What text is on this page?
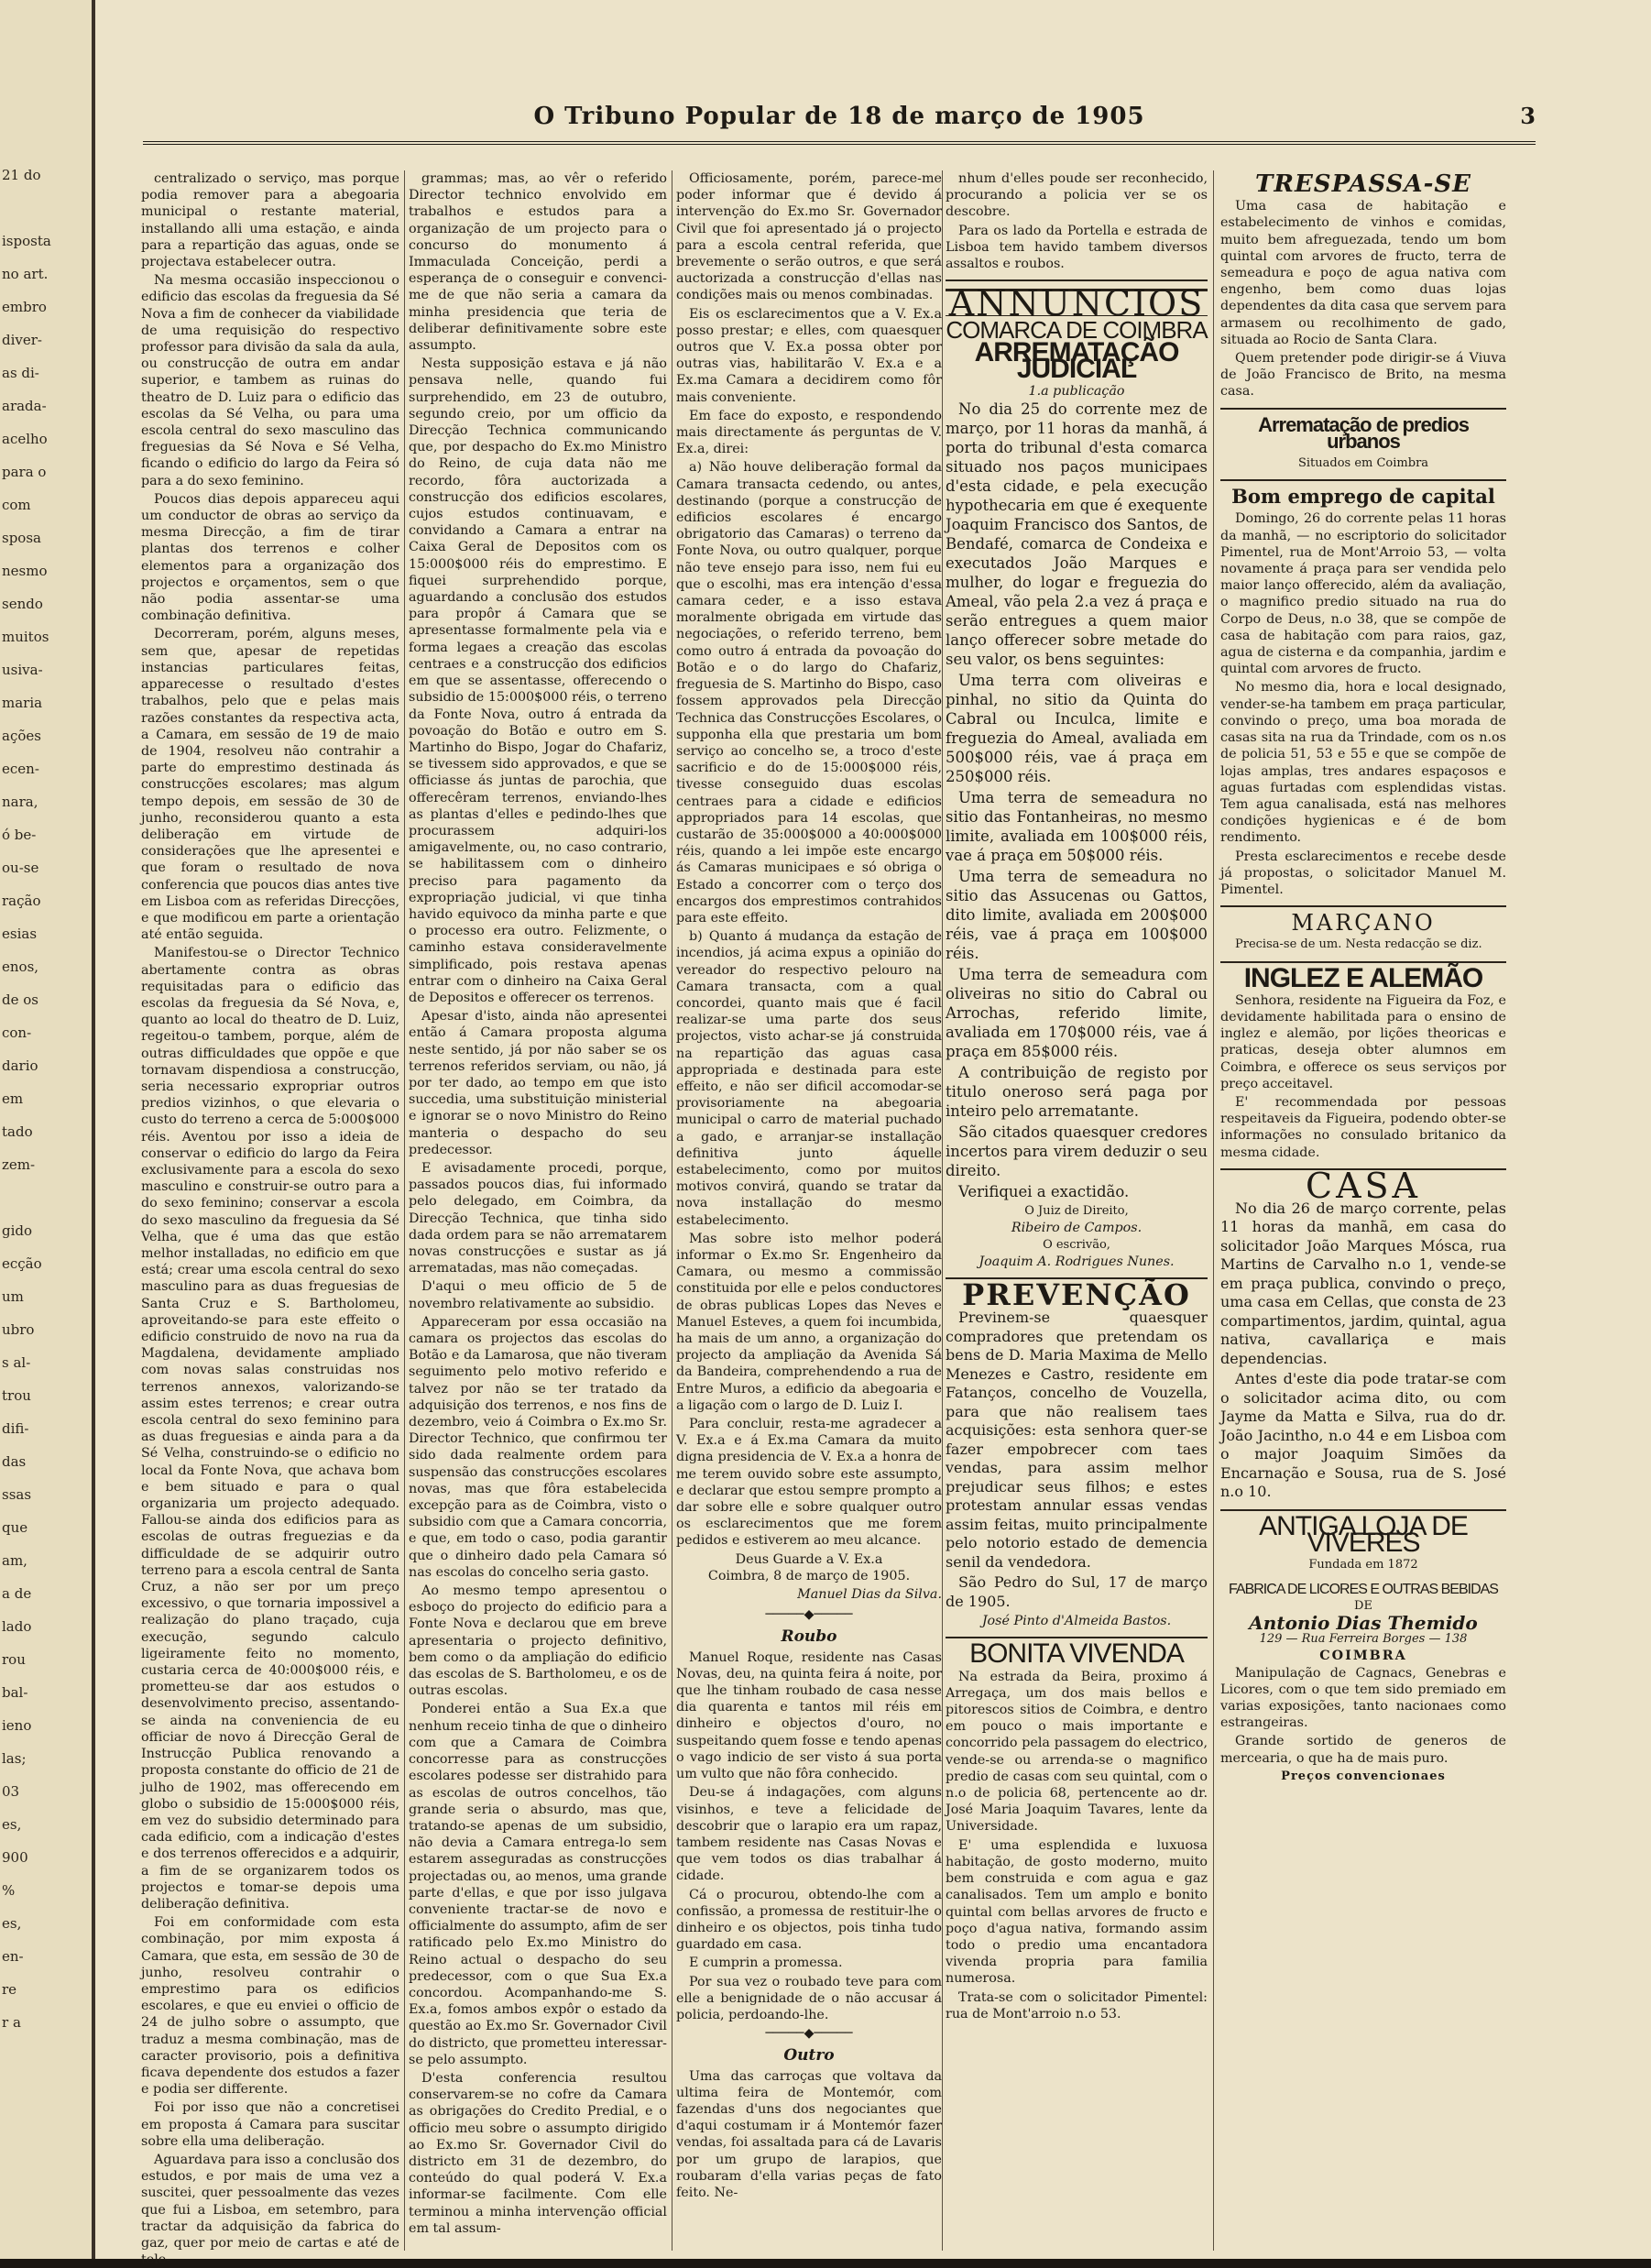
21 do
isposta
no art.
embro
diver-
as di-
arada-
acelho
para o
com
sposa
nesmo
sendo
muitos
usiva-
maria
ações
ecen-
nara,
ó be-
ou-se
ração
esias
enos,
de os
con-
dario
em
tado
zem-
gido
ecção
um
ubro
s al-
trou
difi-
das
ssas
que
am,
a de
lado
rou
bal-
ieno
las;
03
es,
900
%
es,
en-
re
r a
O Tribuno Popular de 18 de março de 1905	3

centralizado o serviço, mas porque podia remover para a abegoaria municipal o restante material, installando alli uma estação, e ainda para a repartição das aguas, onde se projectava estabelecer outra.

Na mesma occasião inspeccionou o edificio das escolas da freguesia da Sé Nova a fim de conhecer da viabilidade de uma requisição do respectivo professor para divisão da sala da aula, ou construcção de outra em andar superior, e tambem as ruinas do theatro de D. Luiz para o edificio das escolas da Sé Velha, ou para uma escola central do sexo masculino das freguesias da Sé Nova e Sé Velha, ficando o edificio do largo da Feira só para a do sexo feminino.

Poucos dias depois appareceu aqui um conductor de obras ao serviço da mesma Direcção, a fim de tirar plantas dos terrenos e colher elementos para a organização dos projectos e orçamentos, sem o que não podia assentar-se uma combinação definitiva.

Decorreram, porém, alguns meses, sem que, apesar de repetidas instancias particulares feitas, apparecesse o resultado d'estes trabalhos, pelo que e pelas mais razões constantes da respectiva acta, a Camara, em sessão de 19 de maio de 1904, resolveu não contrahir a parte do emprestimo destinada ás construcções escolares; mas algum tempo depois, em sessão de 30 de junho, reconsiderou quanto a esta deliberação em virtude de considerações que lhe apresentei e que foram o resultado de nova conferencia que poucos dias antes tive em Lisboa com as referidas Direcções, e que modificou em parte a orientação até então seguida.

Manifestou-se o Director Technico abertamente contra as obras requisitadas para o edificio das escolas da freguesia da Sé Nova, e, quanto ao local do theatro de D. Luiz, regeitou-o tambem, porque, além de outras difficuldades que oppõe e que tornavam dispendiosa a construcção, seria necessario expropriar outros predios vizinhos, o que elevaria o custo do terreno a cerca de 5:000$000 réis. Aventou por isso a ideia de conservar o edificio do largo da Feira exclusivamente para a escola do sexo masculino e construir-se outro para a do sexo feminino; conservar a escola do sexo masculino da freguesia da Sé Velha, que é uma das que estão melhor installadas, no edificio em que está; crear uma escola central do sexo masculino para as duas freguesias de Santa Cruz e S. Bartholomeu, aproveitando-se para este effeito o edificio construido de novo na rua da Magdalena, devidamente ampliado com novas salas construidas nos terrenos annexos, valorizando-se assim estes terrenos; e crear outra escola central do sexo feminino para as duas freguesias e ainda para a da Sé Velha, construindo-se o edificio no local da Fonte Nova, que achava bom e bem situado e para o qual organizaria um projecto adequado. Fallou-se ainda dos edificios para as escolas de outras freguezias e da difficuldade de se adquirir outro terreno para a escola central de Santa Cruz, a não ser por um preço excessivo, o que tornaria impossivel a realização do plano traçado, cuja execução, segundo calculo ligeiramente feito no momento, custaria cerca de 40:000$000 réis, e prometteu-se dar aos estudos o desenvolvimento preciso, assentando-se ainda na conveniencia de eu officiar de novo á Direcção Geral de Instrucção Publica renovando a proposta constante do officio de 21 de julho de 1902, mas offerecendo em globo o subsidio de 15:000$000 réis, em vez do subsidio determinado para cada edificio, com a indicação d'estes e dos terrenos offerecidos e a adquirir, a fim de se organizarem todos os projectos e tomar-se depois uma deliberação definitiva.

Foi em conformidade com esta combinação, por mim exposta á Camara, que esta, em sessão de 30 de junho, resolveu contrahir o emprestimo para os edificios escolares, e que eu enviei o officio de 24 de julho sobre o assumpto, que traduz a mesma combinação, mas de caracter provisorio, pois a definitiva ficava dependente dos estudos a fazer e podia ser differente.

Foi por isso que não a concretisei em proposta á Camara para suscitar sobre ella uma deliberação.

Aguardava para isso a conclusão dos estudos, e por mais de uma vez a suscitei, quer pessoalmente das vezes que fui a Lisboa, em setembro, para tractar da adquisição da fabrica do gaz, quer por meio de cartas e até de tele-

grammas; mas, ao vêr o referido Director technico envolvido em trabalhos e estudos para a organização de um projecto para o concurso do monumento á Immaculada Conceição, perdi a esperança de o conseguir e convenci-me de que não seria a camara da minha presidencia que teria de deliberar definitivamente sobre este assumpto.

Nesta supposição estava e já não pensava nelle, quando fui surprehendido, em 23 de outubro, segundo creio, por um officio da Direcção Technica communicando que, por despacho do Ex.mo Ministro do Reino, de cuja data não me recordo, fôra auctorizada a construcção dos edificios escolares, cujos estudos continuavam, e convidando a Camara a entrar na Caixa Geral de Depositos com os 15:000$000 réis do emprestimo. E fiquei surprehendido porque, aguardando a conclusão dos estudos para propôr á Camara que se apresentasse formalmente pela via e forma legaes a creação das escolas centraes e a construcção dos edificios em que se assentasse, offerecendo o subsidio de 15:000$000 réis, o terreno da Fonte Nova, outro á entrada da povoação do Botão e outro em S. Martinho do Bispo, Jogar do Chafariz, se tivessem sido approvados, e que se officiasse ás juntas de parochia, que offerecêram terrenos, enviando-lhes as plantas d'elles e pedindo-lhes que procurassem adquiri-los amigavelmente, ou, no caso contrario, se habilitassem com o dinheiro preciso para pagamento da expropriação judicial, vi que tinha havido equivoco da minha parte e que o processo era outro. Felizmente, o caminho estava consideravelmente simplificado, pois restava apenas entrar com o dinheiro na Caixa Geral de Depositos e offerecer os terrenos.

Apesar d'isto, ainda não apresentei então á Camara proposta alguma neste sentido, já por não saber se os terrenos referidos serviam, ou não, já por ter dado, ao tempo em que isto succedia, uma substituição ministerial e ignorar se o novo Ministro do Reino manteria o despacho do seu predecessor.

E avisadamente procedi, porque, passados poucos dias, fui informado pelo delegado, em Coimbra, da Direcção Technica, que tinha sido dada ordem para se não arrematarem novas construcções e sustar as já arrematadas, mas não começadas.

D'aqui o meu officio de 5 de novembro relativamente ao subsidio.

Appareceram por essa occasião na camara os projectos das escolas do Botão e da Lamarosa, que não tiveram seguimento pelo motivo referido e talvez por não se ter tratado da adquisição dos terrenos, e nos fins de dezembro, veio á Coimbra o Ex.mo Sr. Director Technico, que confirmou ter sido dada realmente ordem para suspensão das construcções escolares novas, mas que fôra estabelecida excepção para as de Coimbra, visto o subsidio com que a Camara concorria, e que, em todo o caso, podia garantir que o dinheiro dado pela Camara só nas escolas do concelho seria gasto.

Ao mesmo tempo apresentou o esboço do projecto do edificio para a Fonte Nova e declarou que em breve apresentaria o projecto definitivo, bem como o da ampliação do edificio das escolas de S. Bartholomeu, e os de outras escolas.

Ponderei então a Sua Ex.a que nenhum receio tinha de que o dinheiro com que a Camara de Coimbra concorresse para as construcções escolares podesse ser distrahido para as escolas de outros concelhos, tão grande seria o absurdo, mas que, tratando-se apenas de um subsidio, não devia a Camara entrega-lo sem estarem asseguradas as construcções projectadas ou, ao menos, uma grande parte d'ellas, e que por isso julgava conveniente tractar-se de novo e officialmente do assumpto, afim de ser ratificado pelo Ex.mo Ministro do Reino actual o despacho do seu predecessor, com o que Sua Ex.a concordou. Acompanhando-me S. Ex.a, fomos ambos expôr o estado da questão ao Ex.mo Sr. Governador Civil do districto, que prometteu interessar-se pelo assumpto.

D'esta conferencia resultou conservarem-se no cofre da Camara as obrigações do Credito Predial, e o officio meu sobre o assumpto dirigido ao Ex.mo Sr. Governador Civil do districto em 31 de dezembro, do conteúdo do qual poderá V. Ex.a informar-se facilmente. Com elle terminou a minha intervenção official em tal assum-

Officiosamente, porém, parece-me poder informar que é devido á intervenção do Ex.mo Sr. Governador Civil que foi apresentado já o projecto para a escola central referida, que brevemente o serão outros, e que será auctorizada a construcção d'ellas nas condições mais ou menos combinadas.

Eis os esclarecimentos que a V. Ex.a posso prestar; e elles, com quaesquer outros que V. Ex.a possa obter por outras vias, habilitarão V. Ex.a e a Ex.ma Camara a decidirem como fôr mais conveniente.

Em face do exposto, e respondendo mais directamente ás perguntas de V. Ex.a, direi:

a) Não houve deliberação formal da Camara transacta cedendo, ou antes, destinando (porque a construcção de edificios escolares é encargo obrigatorio das Camaras) o terreno da Fonte Nova, ou outro qualquer, porque não teve ensejo para isso, nem fui eu que o escolhi, mas era intenção d'essa camara ceder, e a isso estava moralmente obrigada em virtude das negociações, o referido terreno, bem como outro á entrada da povoação do Botão e o do largo do Chafariz, freguesia de S. Martinho do Bispo, caso fossem approvados pela Direcção Technica das Construcções Escolares, o supponha ella que prestaria um bom serviço ao concelho se, a troco d'este sacrificio e do de 15:000$000 réis, tivesse conseguido duas escolas centraes para a cidade e edificios appropriados para 14 escolas, que custarão de 35:000$000 a 40:000$000 réis, quando a lei impõe este encargo ás Camaras municipaes e só obriga o Estado a concorrer com o terço dos encargos dos emprestimos contrahidos para este effeito.

b) Quanto á mudança da estação de incendios, já acima expus a opinião do vereador do respectivo pelouro na Camara transacta, com a qual concordei, quanto mais que é facil realizar-se uma parte dos seus projectos, visto achar-se já construida na repartição das aguas casa appropriada e destinada para este effeito, e não ser dificil accomodar-se provisoriamente na abegoaria municipal o carro de material puchado a gado, e arranjar-se installação definitiva junto áquelle estabelecimento, como por muitos motivos convirá, quando se tratar da nova installação do mesmo estabelecimento.

Mas sobre isto melhor poderá informar o Ex.mo Sr. Engenheiro da Camara, ou mesmo a commissão constituida por elle e pelos conductores de obras publicas Lopes das Neves e Manuel Esteves, a quem foi incumbida, ha mais de um anno, a organização do projecto da ampliação da Avenida Sá da Bandeira, comprehendendo a rua de Entre Muros, a edificio da abegoaria e a ligação com o largo de D. Luiz I.

Para concluir, resta-me agradecer a V. Ex.a e á Ex.ma Camara da muito digna presidencia de V. Ex.a a honra de me terem ouvido sobre este assumpto, e declarar que estou sempre prompto a dar sobre elle e sobre qualquer outro os esclarecimentos que me forem pedidos e estiverem ao meu alcance.

Deus Guarde a V. Ex.a
Coimbra, 8 de março de 1905.
Manuel Dias da Silva.
─────◆─────
Roubo

Manuel Roque, residente nas Casas Novas, deu, na quinta feira á noite, por que lhe tinham roubado de casa nesse dia quarenta e tantos mil réis em dinheiro e objectos d'ouro, no suspeitando quem fosse e tendo apenas o vago indicio de ser visto á sua porta um vulto que não fôra conhecido.

Deu-se á indagações, com alguns visinhos, e teve a felicidade de descobrir que o larapio era um rapaz, tambem residente nas Casas Novas e que vem todos os dias trabalhar á cidade.

Cá o procurou, obtendo-lhe com a confissão, a promessa de restituir-lhe o dinheiro e os objectos, pois tinha tudo guardado em casa.

E cumprin a promessa.

Por sua vez o roubado teve para com elle a benignidade de o não accusar á policia, perdoando-lhe.

─────◆─────
Outro

Uma das carroças que voltava da ultima feira de Montemór, com fazendas d'uns dos negociantes que d'aqui costumam ir á Montemór fazer vendas, foi assaltada para cá de Lavaris por um grupo de larapios, que roubaram d'ella varias peças de fato feito. Ne-

nhum d'elles poude ser reconhecido, procurando a policia ver se os descobre.

Para os lado da Portella e estrada de Lisboa tem havido tambem diversos assaltos e roubos.

ANNUNCIOS
COMARCA DE COIMBRA
ARREMATAÇÃO JUDICIAL
1.a publicação

No dia 25 do corrente mez de março, por 11 horas da manhã, á porta do tribunal d'esta comarca situado nos paços municipaes d'esta cidade, e pela execução hypothecaria em que é exequente Joaquim Francisco dos Santos, de Bendafé, comarca de Condeixa e executados João Marques e mulher, do logar e freguezia do Ameal, vão pela 2.a vez á praça e serão entregues a quem maior lanço offerecer sobre metade do seu valor, os bens seguintes:

Uma terra com oliveiras e pinhal, no sitio da Quinta do Cabral ou Inculca, limite e freguezia do Ameal, avaliada em 500$000 réis, vae á praça em 250$000 réis.

Uma terra de semeadura no sitio das Fontanheiras, no mesmo limite, avaliada em 100$000 réis, vae á praça em 50$000 réis.

Uma terra de semeadura no sitio das Assucenas ou Gattos, dito limite, avaliada em 200$000 réis, vae á praça em 100$000 réis.

Uma terra de semeadura com oliveiras no sitio do Cabral ou Arrochas, referido limite, avaliada em 170$000 réis, vae á praça em 85$000 réis.

A contribuição de registo por titulo oneroso será paga por inteiro pelo arrematante.

São citados quaesquer credores incertos para virem deduzir o seu direito.

Verifiquei a exactidão.

O Juiz de Direito,
Ribeiro de Campos.
O escrivão,
Joaquim A. Rodrigues Nunes.
PREVENÇÃO

Previnem-se quaesquer compradores que pretendam os bens de D. Maria Maxima de Mello Menezes e Castro, residente em Fatanços, concelho de Vouzella, para que não realisem taes acquisições: esta senhora quer-se fazer empobrecer com taes vendas, para assim melhor prejudicar seus filhos; e estes protestam annular essas vendas assim feitas, muito principalmente pelo notorio estado de demencia senil da vendedora.

São Pedro do Sul, 17 de março de 1905.

José Pinto d'Almeida Bastos.
BONITA VIVENDA

Na estrada da Beira, proximo á Arregaça, um dos mais bellos e pitorescos sitios de Coimbra, e dentro em pouco o mais importante e concorrido pela passagem do electrico, vende-se ou arrenda-se o magnifico predio de casas com seu quintal, com o n.o de policia 68, pertencente ao dr. José Maria Joaquim Tavares, lente da Universidade.

E' uma esplendida e luxuosa habitação, de gosto moderno, muito bem construida e com agua e gaz canalisados. Tem um amplo e bonito quintal com bellas arvores de fructo e poço d'agua nativa, formando assim todo o predio uma encantadora vivenda propria para familia numerosa.

Trata-se com o solicitador Pimentel: rua de Mont'arroio n.o 53.

TRESPASSA-SE

Uma casa de habitação e estabelecimento de vinhos e comidas, muito bem afreguezada, tendo um bom quintal com arvores de fructo, terra de semeadura e poço de agua nativa com engenho, bem como duas lojas dependentes da dita casa que servem para armasem ou recolhimento de gado, situada ao Rocio de Santa Clara.

Quem pretender pode dirigir-se á Viuva de João Francisco de Brito, na mesma casa.

Arrematação de predios urbanos
Situados em Coimbra
Bom emprego de capital

Domingo, 26 do corrente pelas 11 horas da manhã, — no escriptorio do solicitador Pimentel, rua de Mont'Arroio 53, — volta novamente á praça para ser vendida pelo maior lanço offerecido, além da avaliação, o magnifico predio situado na rua do Corpo de Deus, n.o 38, que se compõe de casa de habitação com para raios, gaz, agua de cisterna e da companhia, jardim e quintal com arvores de fructo.

No mesmo dia, hora e local designado, vender-se-ha tambem em praça particular, convindo o preço, uma boa morada de casas sita na rua da Trindade, com os n.os de policia 51, 53 e 55 e que se compõe de lojas amplas, tres andares espaçosos e aguas furtadas com esplendidas vistas. Tem agua canalisada, está nas melhores condições hygienicas e é de bom rendimento.

Presta esclarecimentos e recebe desde já propostas, o solicitador Manuel M. Pimentel.

MARÇANO

Precisa-se de um. Nesta redacção se diz.

INGLEZ E ALEMÃO

Senhora, residente na Figueira da Foz, e devidamente habilitada para o ensino de inglez e alemão, por lições theoricas e praticas, deseja obter alumnos em Coimbra, e offerece os seus serviços por preço acceitavel.

E' recommendada por pessoas respeitaveis da Figueira, podendo obter-se informações no consulado britanico da mesma cidade.

CASA

No dia 26 de março corrente, pelas 11 horas da manhã, em casa do solicitador João Marques Mósca, rua Martins de Carvalho n.o 1, vende-se em praça publica, convindo o preço, uma casa em Cellas, que consta de 23 compartimentos, jardim, quintal, agua nativa, cavallariça e mais dependencias.

Antes d'este dia pode tratar-se com o solicitador acima dito, ou com Jayme da Matta e Silva, rua do dr. João Jacintho, n.o 44 e em Lisboa com o major Joaquim Simões da Encarnação e Sousa, rua de S. José n.o 10.

ANTIGA LOJA DE VIVERES
Fundada em 1872
FABRICA DE LICORES E OUTRAS BEBIDAS
DE
Antonio Dias Themido
129 — Rua Ferreira Borges — 138
COIMBRA

Manipulação de Cagnacs, Genebras e Licores, com o que tem sido premiado em varias exposições, tanto nacionaes como estrangeiras.

Grande sortido de generos de mercearia, o que ha de mais puro.

Preços convencionaes
